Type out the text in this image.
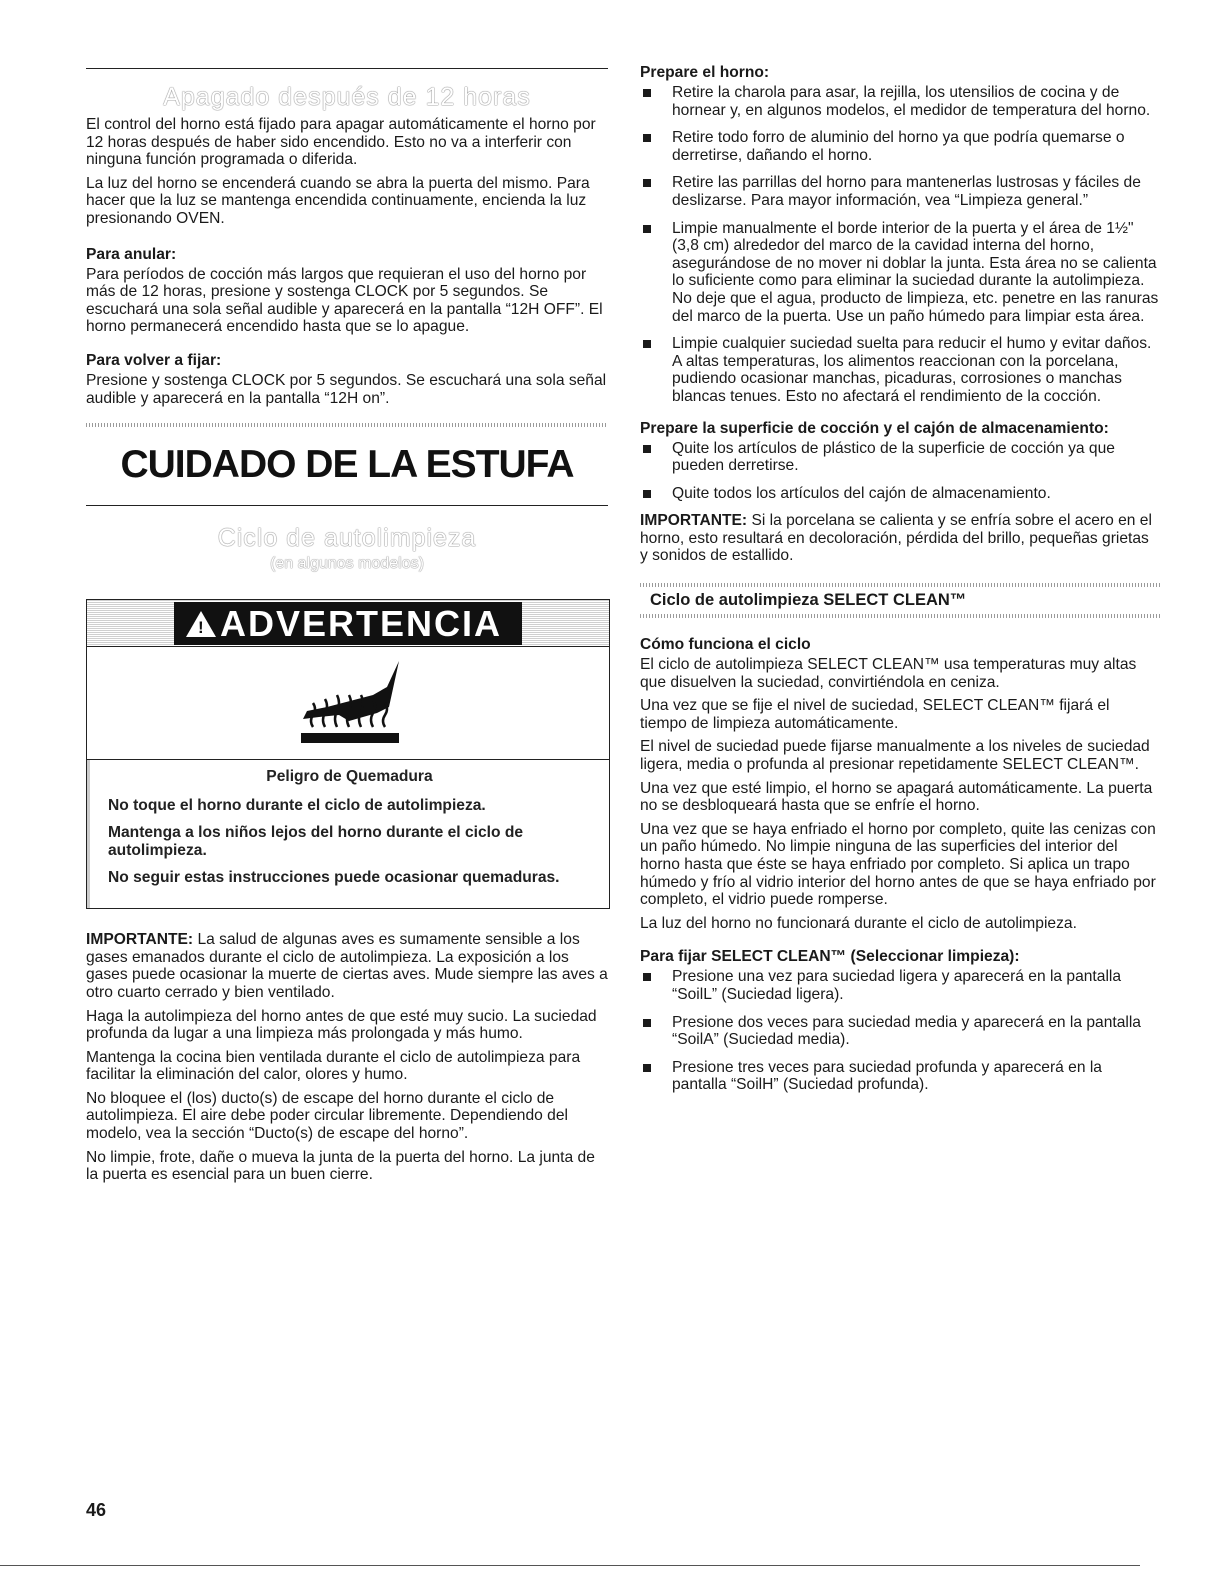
Apagado después de 12 horas

El control del horno está fijado para apagar automáticamente el horno por 12 horas después de haber sido encendido. Esto no va a interferir con ninguna función programada o diferida.

La luz del horno se encenderá cuando se abra la puerta del mismo. Para hacer que la luz se mantenga encendida continuamente, encienda la luz presionando OVEN.

Para anular:

Para períodos de cocción más largos que requieran el uso del horno por más de 12 horas, presione y sostenga CLOCK por 5 segundos. Se escuchará una sola señal audible y aparecerá en la pantalla “12H OFF”. El horno permanecerá encendido hasta que se lo apague.

Para volver a fijar:

Presione y sostenga CLOCK por 5 segundos. Se escuchará una sola señal audible y aparecerá en la pantalla “12H on”.

CUIDADO DE LA ESTUFA
Ciclo de autolimpieza
(en algunos modelos)
! ADVERTENCIA

Peligro de Quemadura

No toque el horno durante el ciclo de autolimpieza.

Mantenga a los niños lejos del horno durante el ciclo de autolimpieza.

No seguir estas instrucciones puede ocasionar quemaduras.

IMPORTANTE: La salud de algunas aves es sumamente sensible a los gases emanados durante el ciclo de autolimpieza. La exposición a los gases puede ocasionar la muerte de ciertas aves. Mude siempre las aves a otro cuarto cerrado y bien ventilado.

Haga la autolimpieza del horno antes de que esté muy sucio. La suciedad profunda da lugar a una limpieza más prolongada y más humo.

Mantenga la cocina bien ventilada durante el ciclo de autolimpieza para facilitar la eliminación del calor, olores y humo.

No bloquee el (los) ducto(s) de escape del horno durante el ciclo de autolimpieza. El aire debe poder circular libremente. Dependiendo del modelo, vea la sección “Ducto(s) de escape del horno”.

No limpie, frote, dañe o mueva la junta de la puerta del horno. La junta de la puerta es esencial para un buen cierre.

Prepare el horno:
Retire la charola para asar, la rejilla, los utensilios de cocina y de hornear y, en algunos modelos, el medidor de temperatura del horno.
Retire todo forro de aluminio del horno ya que podría quemarse o derretirse, dañando el horno.
Retire las parrillas del horno para mantenerlas lustrosas y fáciles de deslizarse. Para mayor información, vea “Limpieza general.”
Limpie manualmente el borde interior de la puerta y el área de 1½" (3,8 cm) alrededor del marco de la cavidad interna del horno, asegurándose de no mover ni doblar la junta. Esta área no se calienta lo suficiente como para eliminar la suciedad durante la autolimpieza. No deje que el agua, producto de limpieza, etc. penetre en las ranuras del marco de la puerta. Use un paño húmedo para limpiar esta área.
Limpie cualquier suciedad suelta para reducir el humo y evitar daños. A altas temperaturas, los alimentos reaccionan con la porcelana, pudiendo ocasionar manchas, picaduras, corrosiones o manchas blancas tenues. Esto no afectará el rendimiento de la cocción.
Prepare la superficie de cocción y el cajón de almacenamiento:
Quite los artículos de plástico de la superficie de cocción ya que pueden derretirse.
Quite todos los artículos del cajón de almacenamiento.

IMPORTANTE: Si la porcelana se calienta y se enfría sobre el acero en el horno, esto resultará en decoloración, pérdida del brillo, pequeñas grietas y sonidos de estallido.

Ciclo de autolimpieza SELECT CLEAN™
Cómo funciona el ciclo

El ciclo de autolimpieza SELECT CLEAN™ usa temperaturas muy altas que disuelven la suciedad, convirtiéndola en ceniza.

Una vez que se fije el nivel de suciedad, SELECT CLEAN™ fijará el tiempo de limpieza automáticamente.

El nivel de suciedad puede fijarse manualmente a los niveles de suciedad ligera, media o profunda al presionar repetidamente SELECT CLEAN™.

Una vez que esté limpio, el horno se apagará automáticamente. La puerta no se desbloqueará hasta que se enfríe el horno.

Una vez que se haya enfriado el horno por completo, quite las cenizas con un paño húmedo. No limpie ninguna de las superficies del interior del horno hasta que éste se haya enfriado por completo. Si aplica un trapo húmedo y frío al vidrio interior del horno antes de que se haya enfriado por completo, el vidrio puede romperse.

La luz del horno no funcionará durante el ciclo de autolimpieza.

Para fijar SELECT CLEAN™ (Seleccionar limpieza):
Presione una vez para suciedad ligera y aparecerá en la pantalla “SoilL” (Suciedad ligera).
Presione dos veces para suciedad media y aparecerá en la pantalla “SoilA” (Suciedad media).
Presione tres veces para suciedad profunda y aparecerá en la pantalla “SoilH” (Suciedad profunda).
46
